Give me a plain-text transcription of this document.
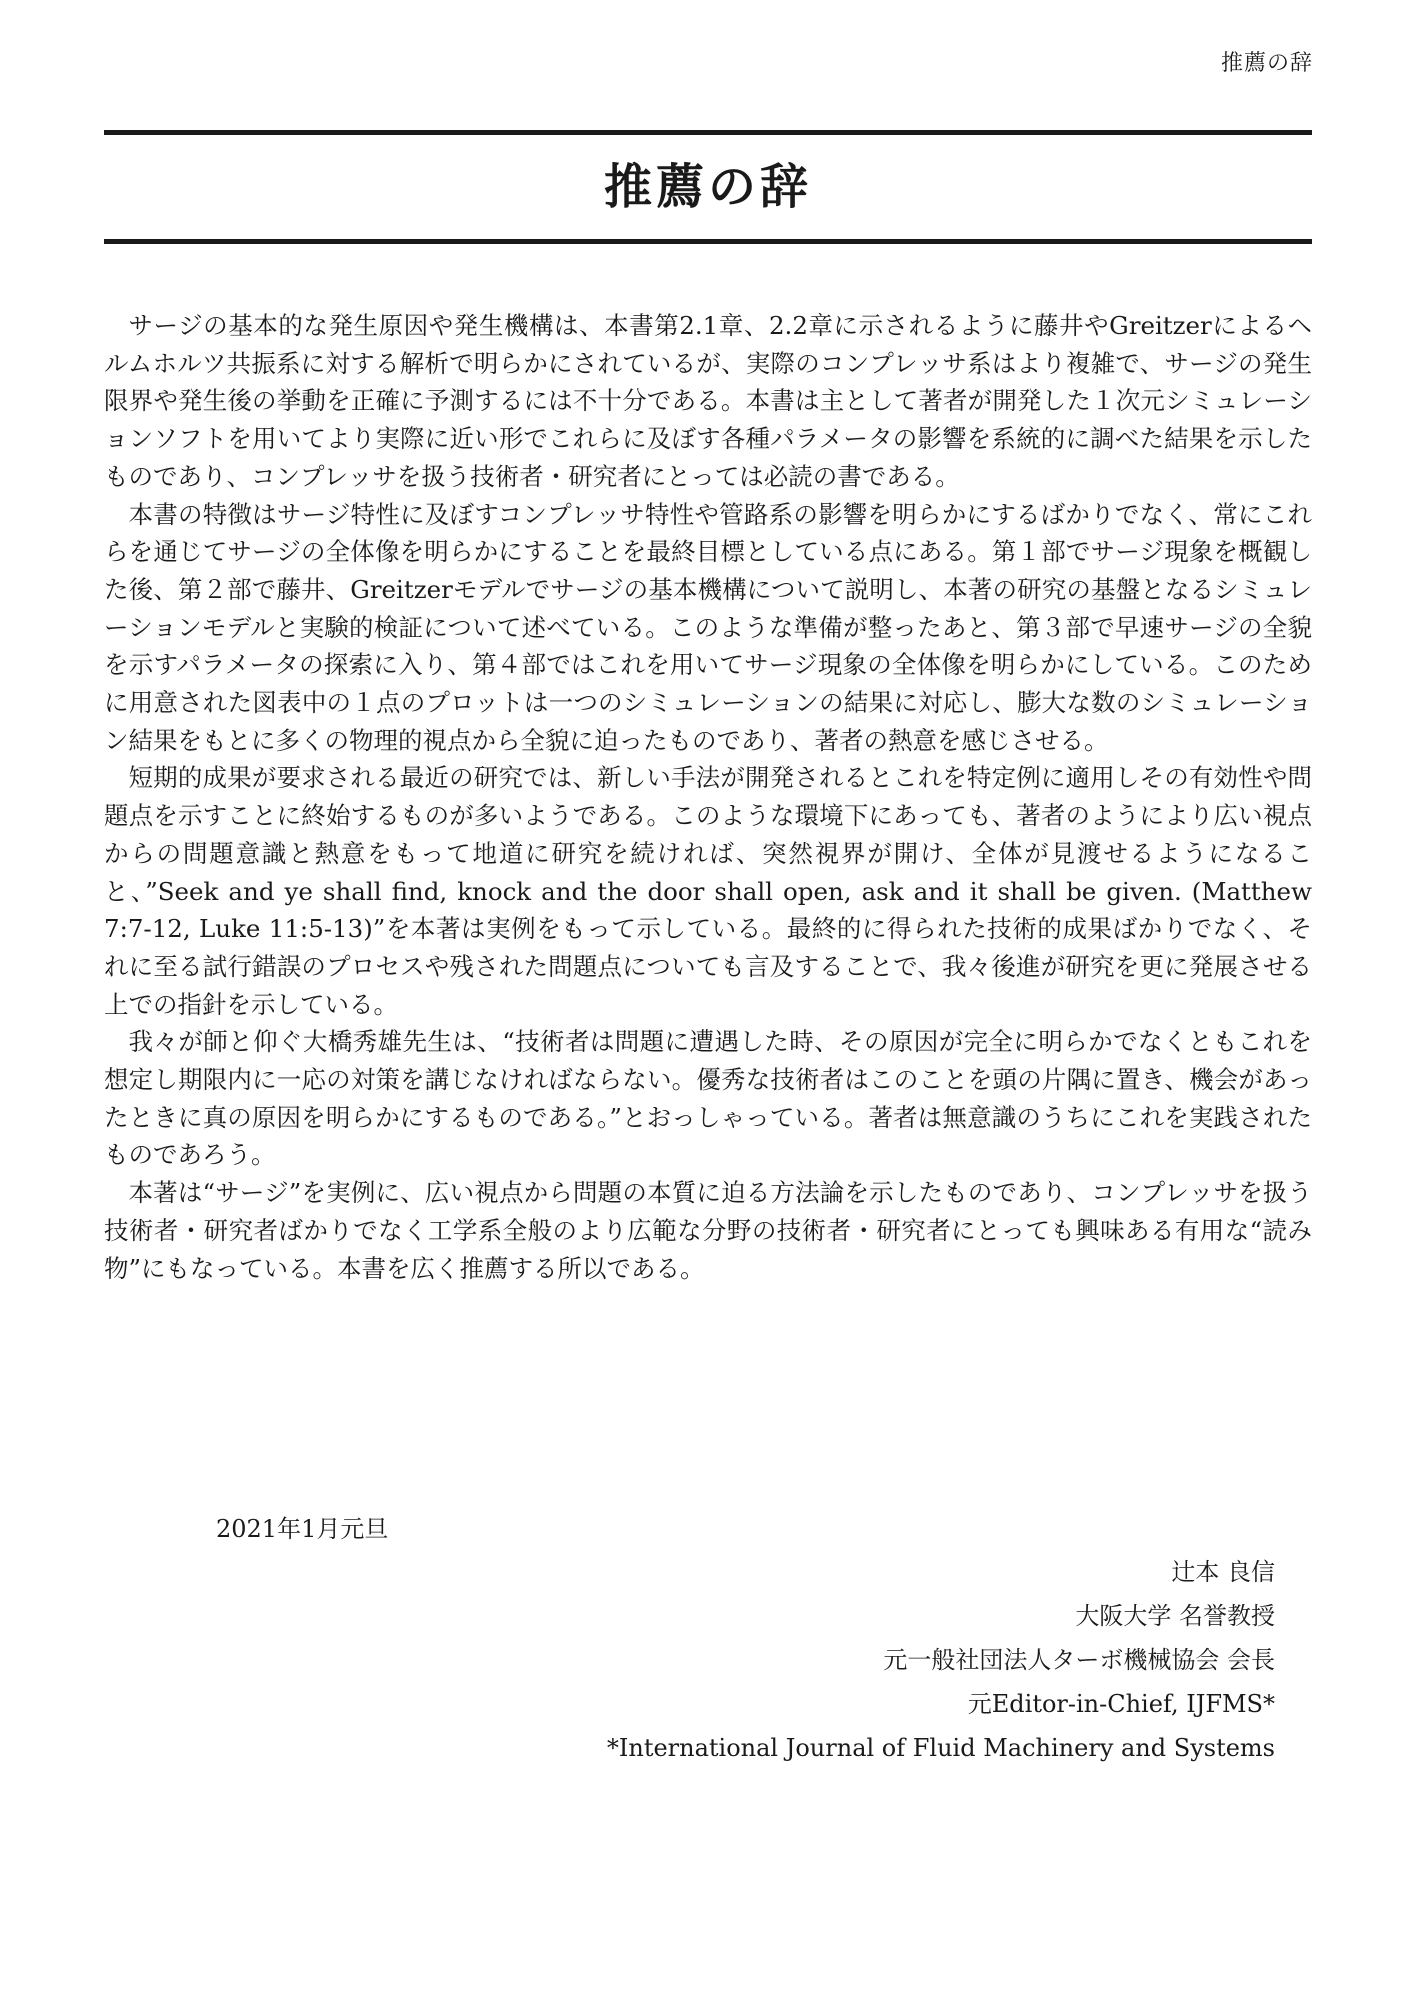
推薦の辞
推薦の辞

サージの基本的な発生原因や発生機構は、本書第2.1章、2.2章に示されるように藤井やGreitzerによるヘルムホルツ共振系に対する解析で明らかにされているが、実際のコンプレッサ系はより複雑で、サージの発生限界や発生後の挙動を正確に予測するには不十分である。本書は主として著者が開発した１次元シミュレーションソフトを用いてより実際に近い形でこれらに及ぼす各種パラメータの影響を系統的に調べた結果を示したものであり、コンプレッサを扱う技術者・研究者にとっては必読の書である。

本書の特徴はサージ特性に及ぼすコンプレッサ特性や管路系の影響を明らかにするばかりでなく、常にこれらを通じてサージの全体像を明らかにすることを最終目標としている点にある。第１部でサージ現象を概観した後、第２部で藤井、Greitzerモデルでサージの基本機構について説明し、本著の研究の基盤となるシミュレーションモデルと実験的検証について述べている。このような準備が整ったあと、第３部で早速サージの全貌を示すパラメータの探索に入り、第４部ではこれを用いてサージ現象の全体像を明らかにしている。このために用意された図表中の１点のプロットは一つのシミュレーションの結果に対応し、膨大な数のシミュレーション結果をもとに多くの物理的視点から全貌に迫ったものであり、著者の熱意を感じさせる。

短期的成果が要求される最近の研究では、新しい手法が開発されるとこれを特定例に適用しその有効性や問題点を示すことに終始するものが多いようである。このような環境下にあっても、著者のようにより広い視点からの問題意識と熱意をもって地道に研究を続ければ、突然視界が開け、全体が見渡せるようになること、”Seek and ye shall find, knock and the door shall open, ask and it shall be given. (Matthew 7:7-12, Luke 11:5-13)”を本著は実例をもって示している。最終的に得られた技術的成果ばかりでなく、それに至る試行錯誤のプロセスや残された問題点についても言及することで、我々後進が研究を更に発展させる上での指針を示している。

我々が師と仰ぐ大橋秀雄先生は、“技術者は問題に遭遇した時、その原因が完全に明らかでなくともこれを想定し期限内に一応の対策を講じなければならない。優秀な技術者はこのことを頭の片隅に置き、機会があったときに真の原因を明らかにするものである。”とおっしゃっている。著者は無意識のうちにこれを実践されたものであろう。

本著は“サージ”を実例に、広い視点から問題の本質に迫る方法論を示したものであり、コンプレッサを扱う技術者・研究者ばかりでなく工学系全般のより広範な分野の技術者・研究者にとっても興味ある有用な“読み物”にもなっている。本書を広く推薦する所以である。

2021年1月元旦
辻本 良信
大阪大学 名誉教授
元一般社団法人ターボ機械協会 会長
元Editor-in-Chief, IJFMS*
*International Journal of Fluid Machinery and Systems
